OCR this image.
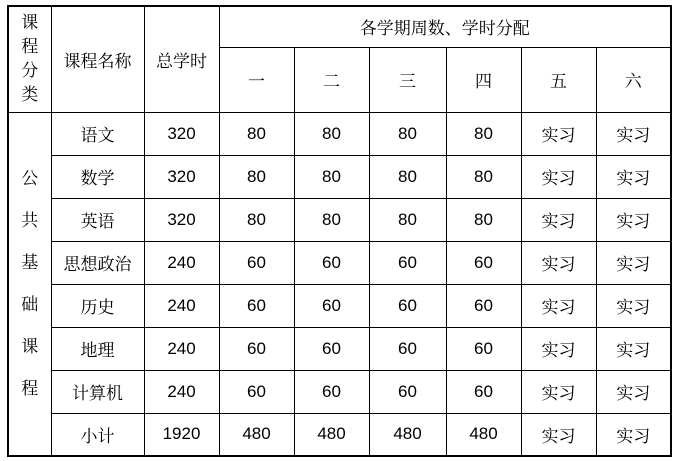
课
程
分
类	课程名称	总学时	各学期周数、学时分配					
			一	二	三	四	五	六

公
共
基
础
课
程
	语文	320	80	80	80	80	实习	实习
	数学	320	80	80	80	80	实习	实习
	英语	320	80	80	80	80	实习	实习
	思想政治	240	60	60	60	60	实习	实习
	历史	240	60	60	60	60	实习	实习
	地理	240	60	60	60	60	实习	实习
	计算机	240	60	60	60	60	实习	实习
	小计	1920	480	480	480	480	实习	实习
